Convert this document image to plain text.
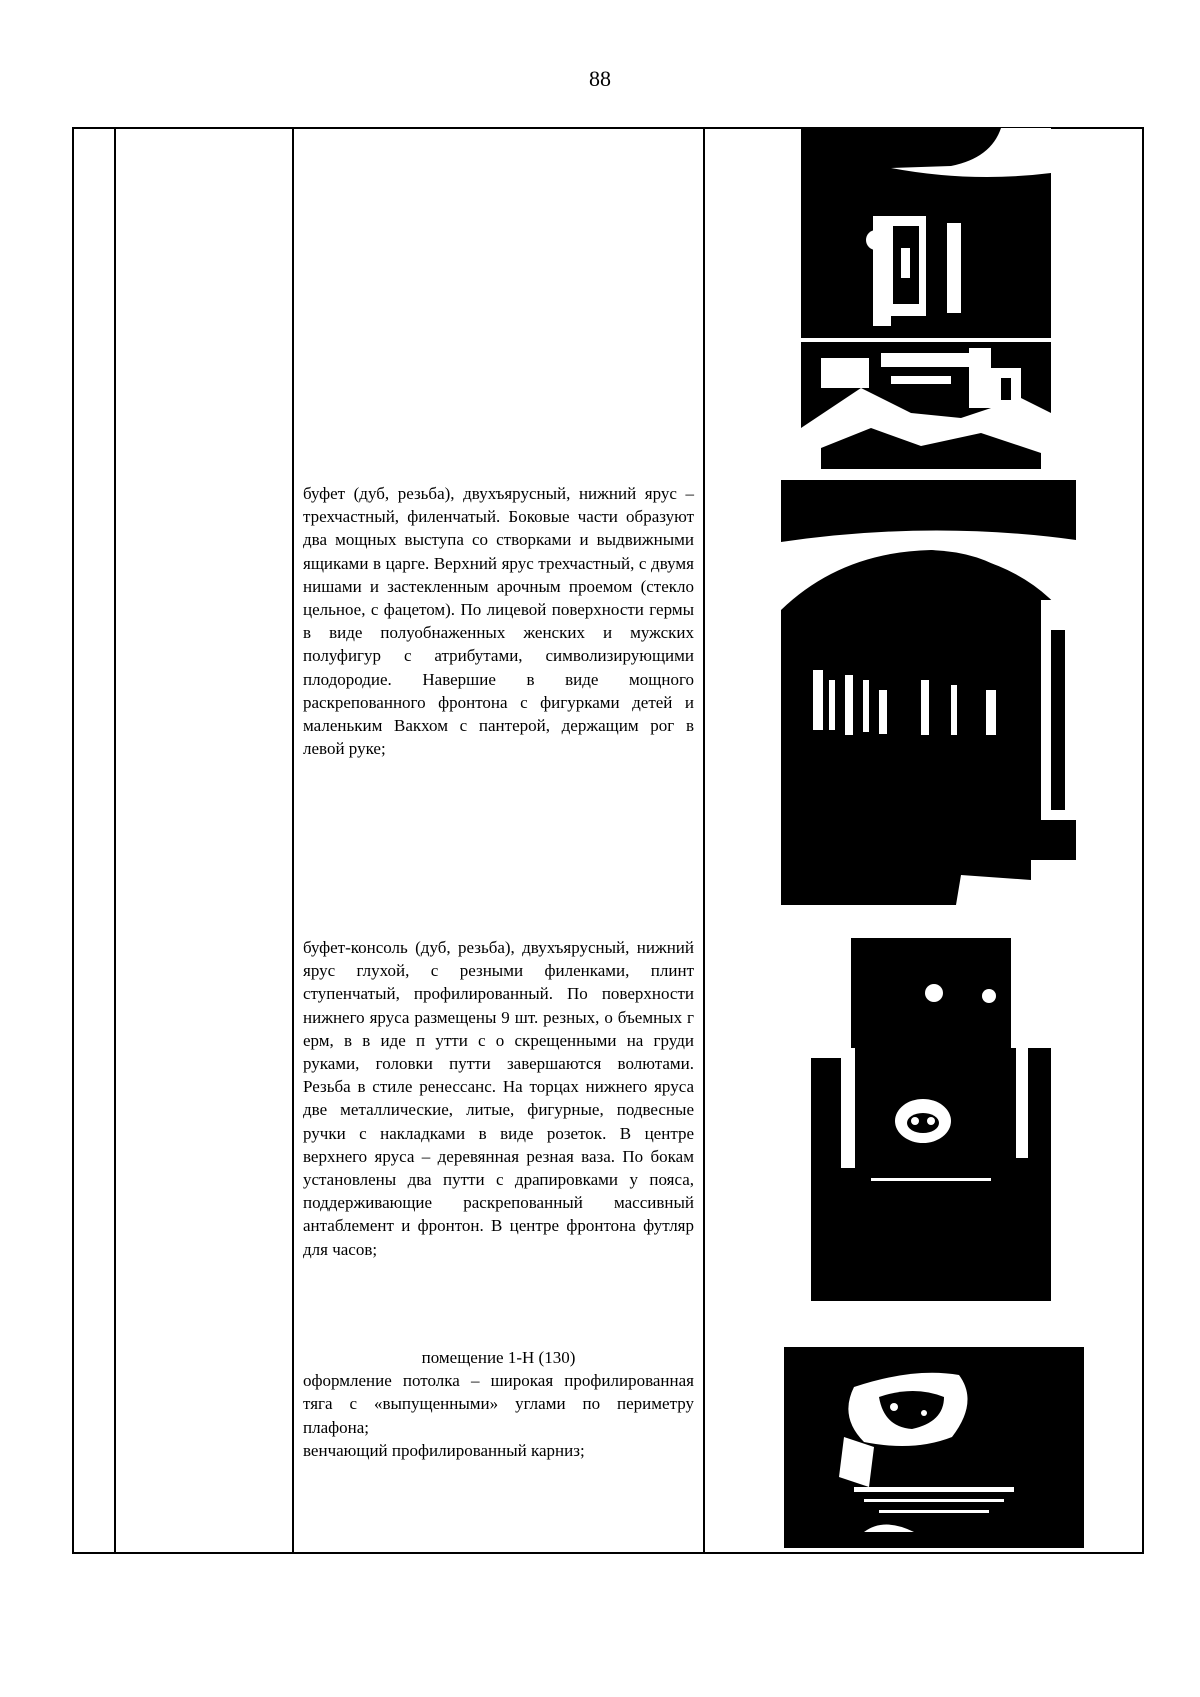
88

буфет (дуб, резьба), двухъярусный, нижний ярус – трехчастный, филенчатый. Боковые части образуют два мощных выступа со створками и выдвижными ящиками в царге. Верхний ярус трехчастный, с двумя нишами и застекленным арочным проемом (стекло цельное, с фацетом). По лицевой поверхности гермы в виде полуобнаженных женских и мужских полуфигур с атрибутами, символизирующими плодородие. Навершие в виде мощного раскрепованного фронтона с фигурками детей и маленьким Вакхом с пантерой, держащим рог в левой руке;

буфет-консоль (дуб, резьба), двухъярусный, нижний ярус глухой, с резными филенками, плинт ступенчатый, профилированный. По поверхности нижнего яруса размещены 9 шт. резных, о бъемных г ерм, в в иде п утти с о скрещенными на груди руками, головки путти завершаются волютами. Резьба в стиле ренессанс. На торцах нижнего яруса две металлические, литые, фигурные, подвесные ручки с накладками в виде розеток. В центре верхнего яруса – деревянная резная ваза. По бокам установлены два путти с драпировками у пояса, поддерживающие раскрепованный массивный антаблемент и фронтон. В центре фронтона футляр для часов;

помещение 1-Н (130)

оформление потолка – широкая профилированная тяга с «выпущенными» углами по периметру плафона;

венчающий профилированный карниз;
